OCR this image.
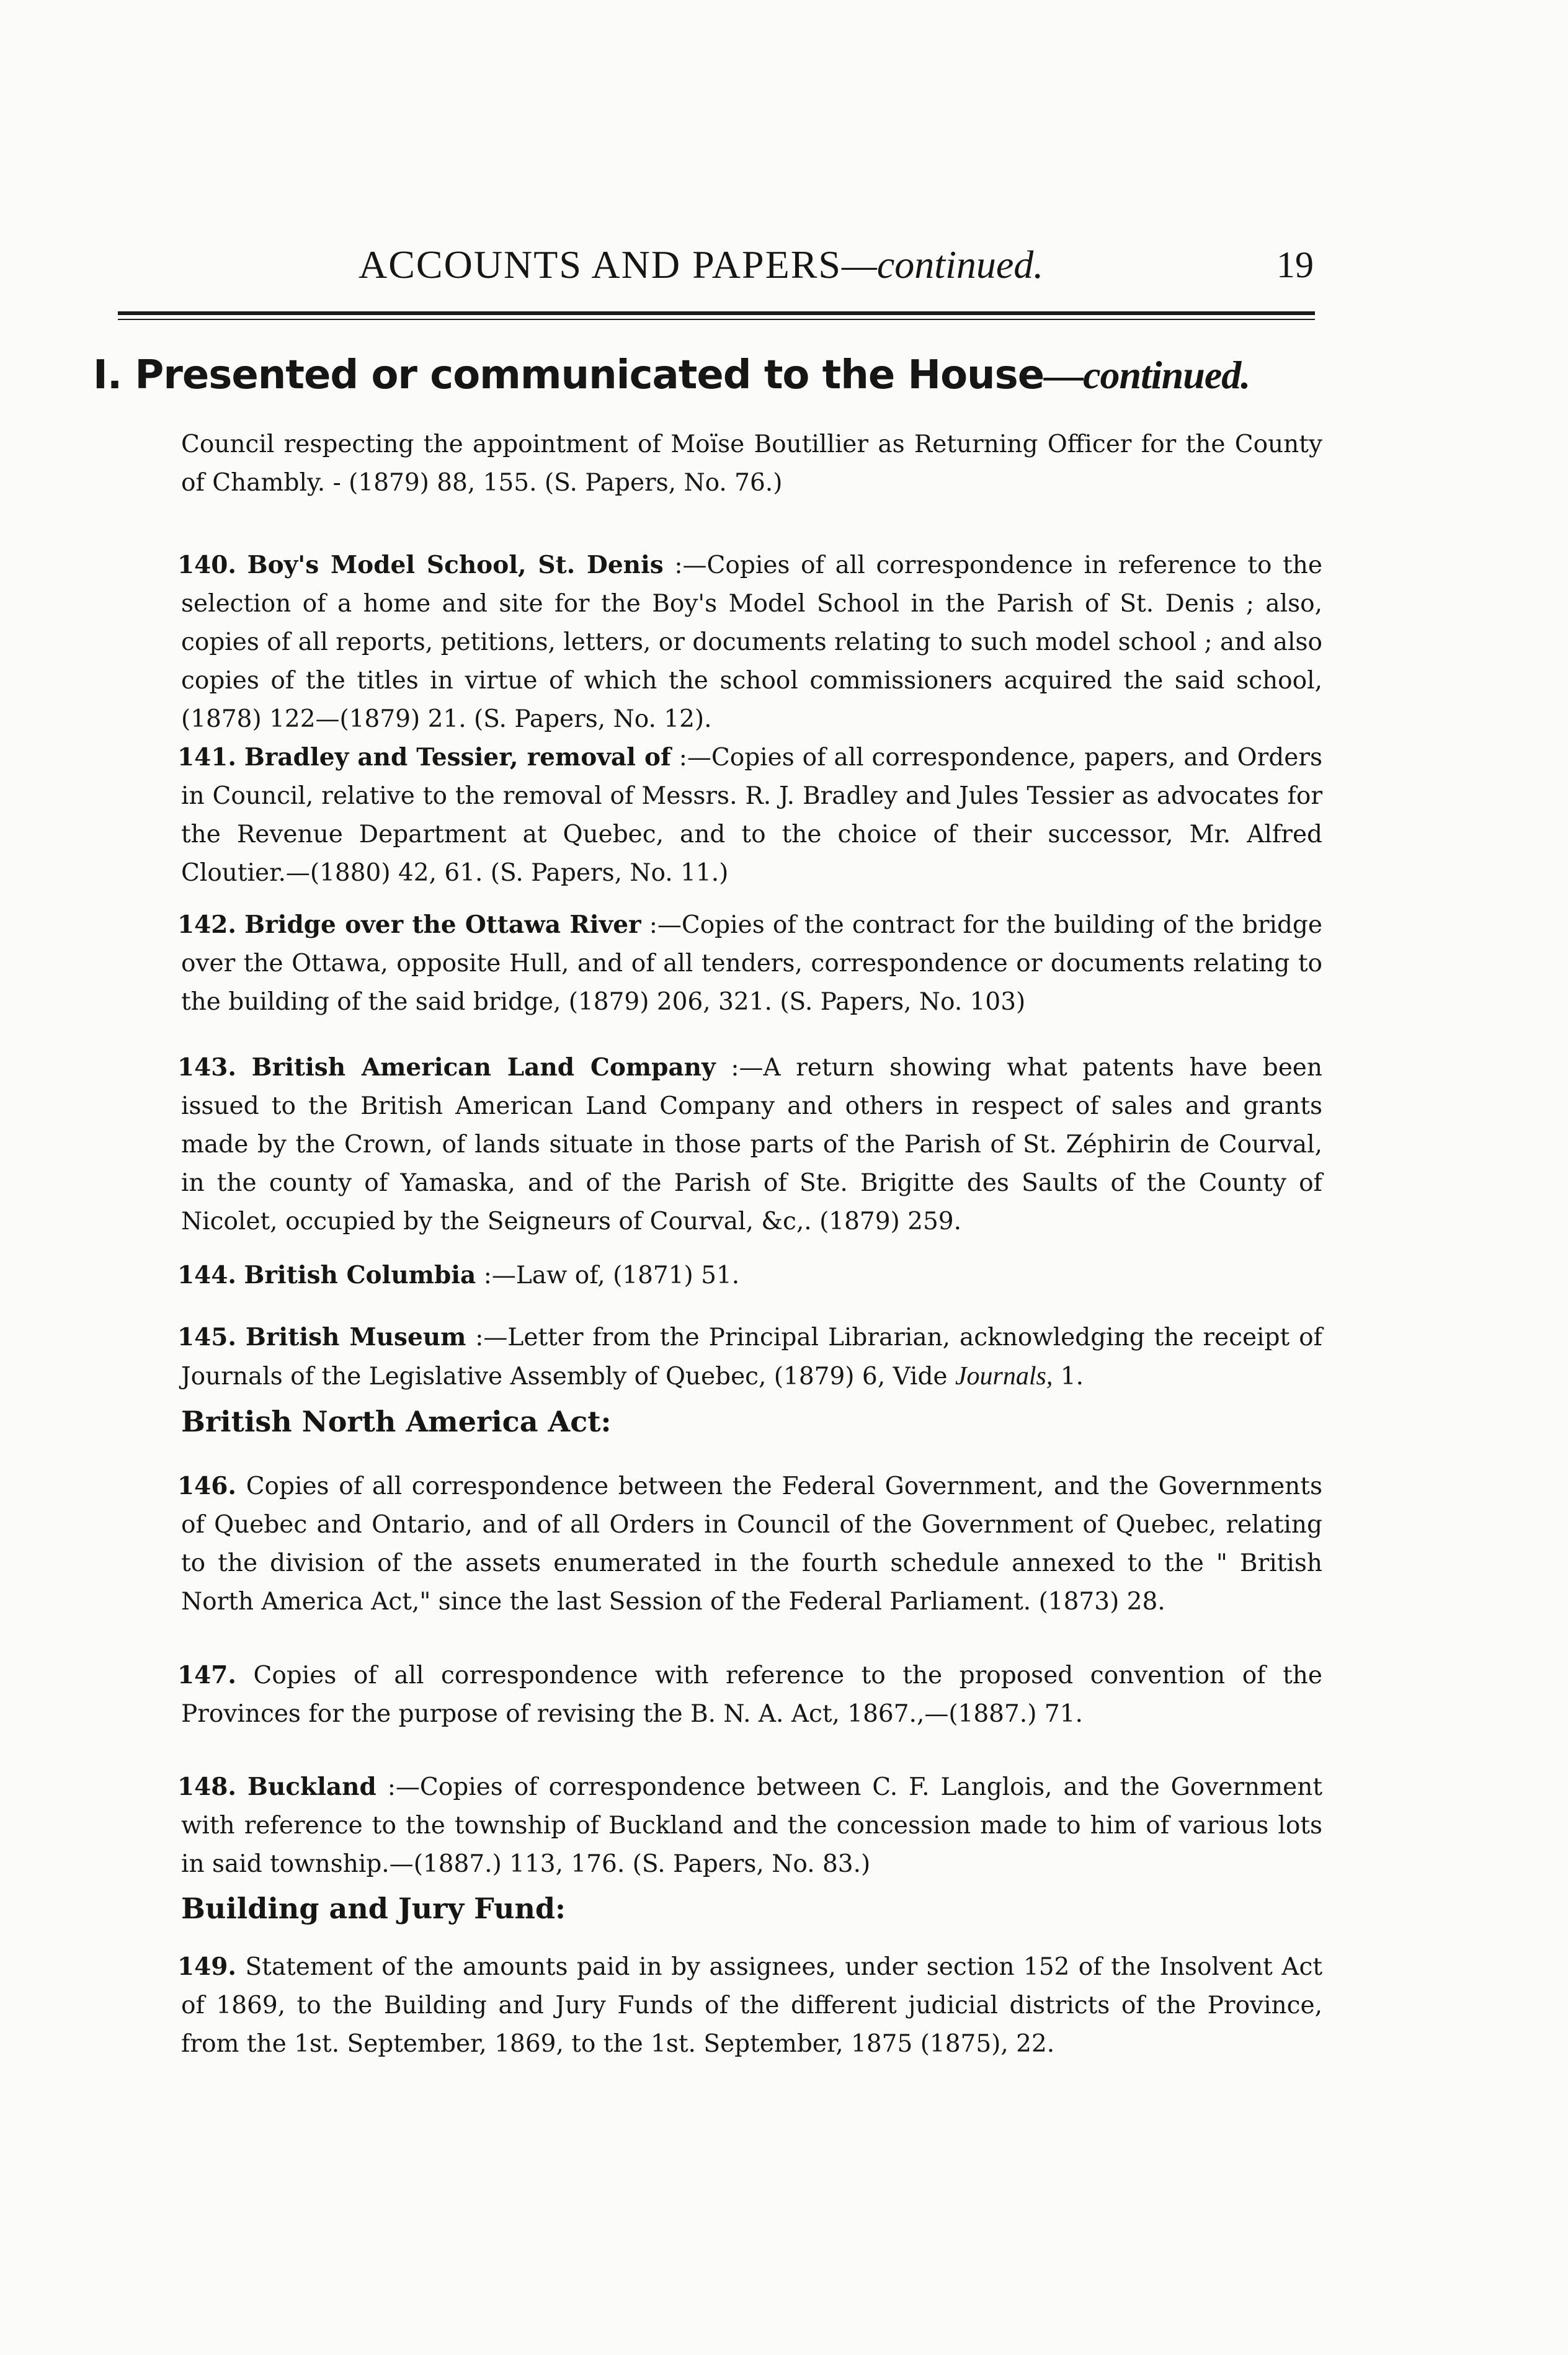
ACCOUNTS AND PAPERS—continued.	19
I. Presented or communicated to the House—continued.
Council respecting the appointment of Moïse Boutillier as Returning Officer for the County of Chambly. - (1879) 88, 155. (S. Papers, No. 76.)
140. Boy's Model School, St. Denis :—Copies of all correspondence in reference to the selection of a home and site for the Boy's Model School in the Parish of St. Denis ; also, copies of all reports, petitions, letters, or documents relating to such model school ; and also copies of the titles in virtue of which the school commissioners acquired the said school, (1878) 122—(1879) 21. (S. Papers, No. 12).
141. Bradley and Tessier, removal of :—Copies of all correspondence, papers, and Orders in Council, relative to the removal of Messrs. R. J. Bradley and Jules Tessier as advocates for the Revenue Department at Quebec, and to the choice of their successor, Mr. Alfred Cloutier.—(1880) 42, 61. (S. Papers, No. 11.)
142. Bridge over the Ottawa River :—Copies of the contract for the building of the bridge over the Ottawa, opposite Hull, and of all tenders, correspondence or documents relating to the building of the said bridge, (1879) 206, 321. (S. Papers, No. 103)
143. British American Land Company :—A return showing what patents have been issued to the British American Land Company and others in respect of sales and grants made by the Crown, of lands situate in those parts of the Parish of St. Zéphirin de Courval, in the county of Yamaska, and of the Parish of Ste. Brigitte des Saults of the County of Nicolet, occupied by the Seigneurs of Courval, &c,. (1879) 259.
144. British Columbia :—Law of, (1871) 51.
145. British Museum :—Letter from the Principal Librarian, acknowledging the receipt of Journals of the Legislative Assembly of Quebec, (1879) 6, Vide Journals, 1.
British North America Act:
146. Copies of all correspondence between the Federal Government, and the Governments of Quebec and Ontario, and of all Orders in Council of the Government of Quebec, relating to the division of the assets enumerated in the fourth schedule annexed to the " British North America Act," since the last Session of the Federal Parliament. (1873) 28.
147. Copies of all correspondence with reference to the proposed convention of the Provinces for the purpose of revising the B. N. A. Act, 1867.,—(1887.) 71.
148. Buckland :—Copies of correspondence between C. F. Langlois, and the Government with reference to the township of Buckland and the concession made to him of various lots in said township.—(1887.) 113, 176. (S. Papers, No. 83.)
Building and Jury Fund:
149. Statement of the amounts paid in by assignees, under section 152 of the Insolvent Act of 1869, to the Building and Jury Funds of the different judicial districts of the Province, from the 1st. September, 1869, to the 1st. September, 1875 (1875), 22.
